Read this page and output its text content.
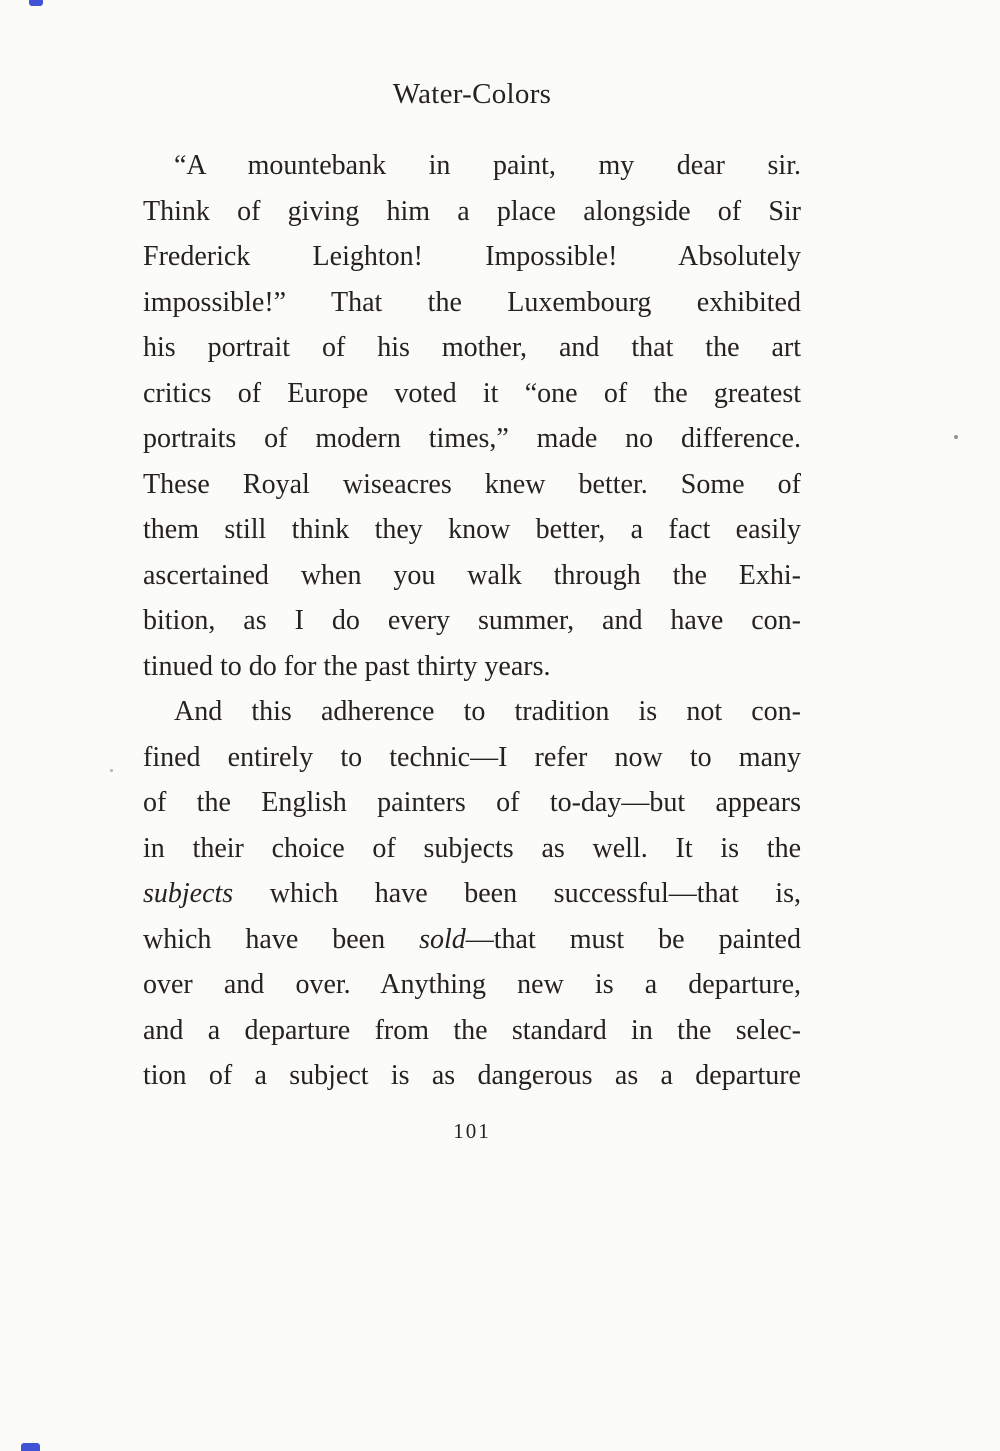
Water-Colors
“A mountebank in paint, my dear sir.
Think of giving him a place alongside of Sir
Frederick Leighton! Impossible! Absolutely
impossible!” That the Luxembourg exhibited
his portrait of his mother, and that the art
critics of Europe voted it “one of the greatest
portraits of modern times,” made no difference.
These Royal wiseacres knew better. Some of
them still think they know better, a fact easily
ascertained when you walk through the Exhi-
bition, as I do every summer, and have con-
tinued to do for the past thirty years.
And this adherence to tradition is not con-
fined entirely to technic—I refer now to many
of the English painters of to-day—but appears
in their choice of subjects as well. It is the
subjects which have been successful—that is,
which have been sold—that must be painted
over and over. Anything new is a departure,
and a departure from the standard in the selec-
tion of a subject is as dangerous as a departure
101
